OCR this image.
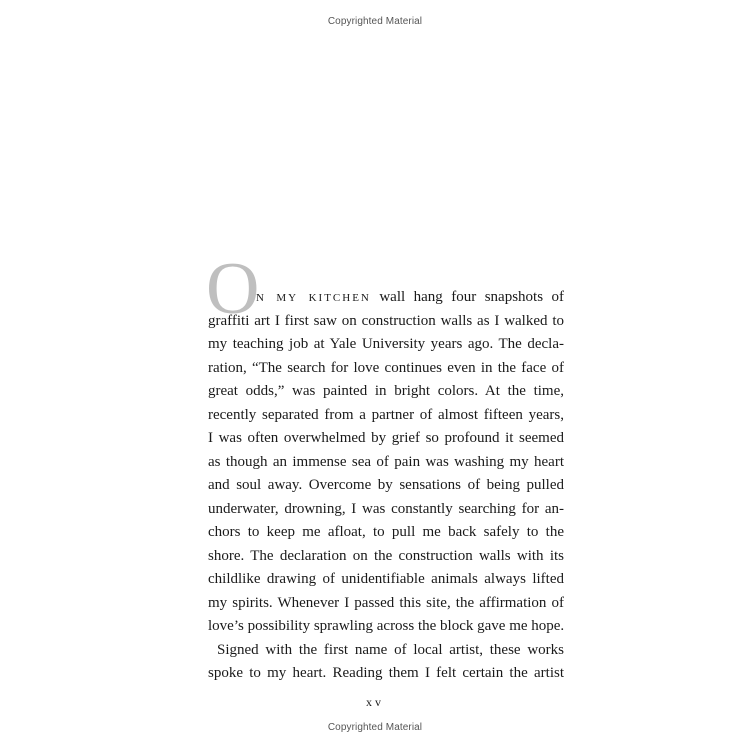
Copyrighted Material
O
n my kitchen wall hang four snapshots of
graffiti art I first saw on construction walls as I walked to
my teaching job at Yale University years ago. The decla-
ration, “The search for love continues even in the face of
great odds,” was painted in bright colors. At the time,
recently separated from a partner of almost fifteen years,
I was often overwhelmed by grief so profound it seemed
as though an immense sea of pain was washing my heart
and soul away. Overcome by sensations of being pulled
underwater, drowning, I was constantly searching for an-
chors to keep me afloat, to pull me back safely to the
shore. The declaration on the construction walls with its
childlike drawing of unidentifiable animals always lifted
my spirits. Whenever I passed this site, the affirmation of
love’s possibility sprawling across the block gave me hope.
Signed with the first name of local artist, these works
spoke to my heart. Reading them I felt certain the artist
xv
Copyrighted Material
